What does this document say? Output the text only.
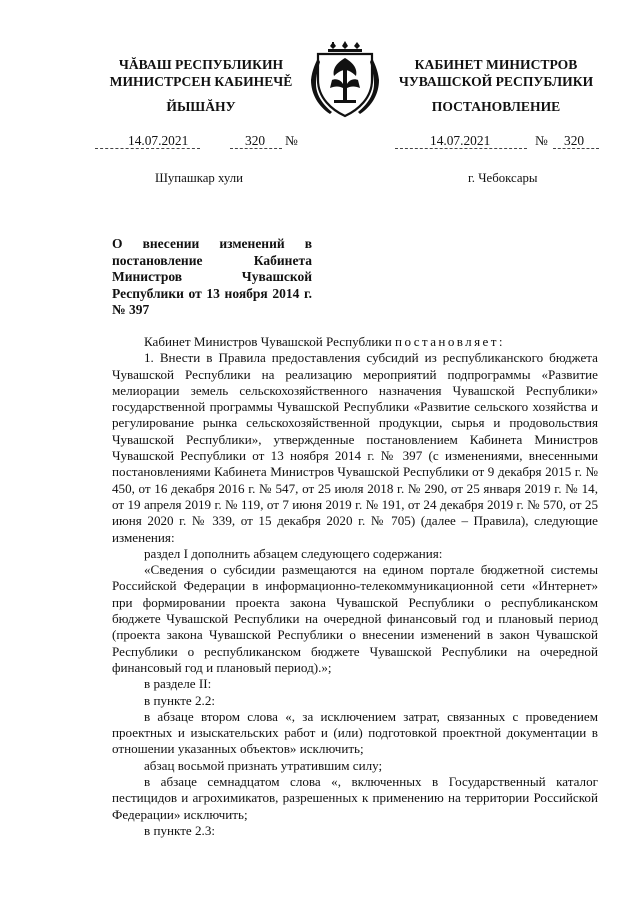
ЧĂВАШ РЕСПУБЛИКИН
МИНИСТРСЕН КАБИНЕЧĚ
ЙЫШĂНУ
КАБИНЕТ МИНИСТРОВ
ЧУВАШСКОЙ РЕСПУБЛИКИ
ПОСТАНОВЛЕНИЕ
14.07.2021	320 №	14.07.2021	№ 320
Шупашкар хули	г. Чебоксары
О внесении изменений в постановление Кабинета Министров Чувашской Республики от 13 ноября 2014 г. № 397

Кабинет Министров Чувашской Республики постановляет:

1. Внести в Правила предоставления субсидий из республиканского бюджета Чувашской Республики на реализацию мероприятий подпрограммы «Развитие мелиорации земель сельскохозяйственного назначения Чувашской Республики» государственной программы Чувашской Республики «Развитие сельского хозяйства и регулирование рынка сельскохозяйственной продукции, сырья и продовольствия Чувашской Республики», утвержденные постановлением Кабинета Министров Чувашской Республики от 13 ноября 2014 г. № 397 (с изменениями, внесенными постановлениями Кабинета Министров Чувашской Республики от 9 декабря 2015 г. № 450, от 16 декабря 2016 г. № 547, от 25 июля 2018 г. № 290, от 25 января 2019 г. № 14, от 19 апреля 2019 г. № 119, от 7 июня 2019 г. № 191, от 24 декабря 2019 г. № 570, от 25 июня 2020 г. № 339, от 15 декабря 2020 г. № 705) (далее – Правила), следующие изменения:

раздел I дополнить абзацем следующего содержания:

«Сведения о субсидии размещаются на едином портале бюджетной системы Российской Федерации в информационно-телекоммуникационной сети «Интернет» при формировании проекта закона Чувашской Республики о республиканском бюджете Чувашской Республики на очередной финансовый год и плановый период (проекта закона Чувашской Республики о внесении изменений в закон Чувашской Республики о республиканском бюджете Чувашской Республики на очередной финансовый год и плановый период).»;

в разделе II:

в пункте 2.2:

в абзаце втором слова «, за исключением затрат, связанных с проведением проектных и изыскательских работ и (или) подготовкой проектной документации в отношении указанных объектов» исключить;

абзац восьмой признать утратившим силу;

в абзаце семнадцатом слова «, включенных в Государственный каталог пестицидов и агрохимикатов, разрешенных к применению на территории Российской Федерации» исключить;

в пункте 2.3:
